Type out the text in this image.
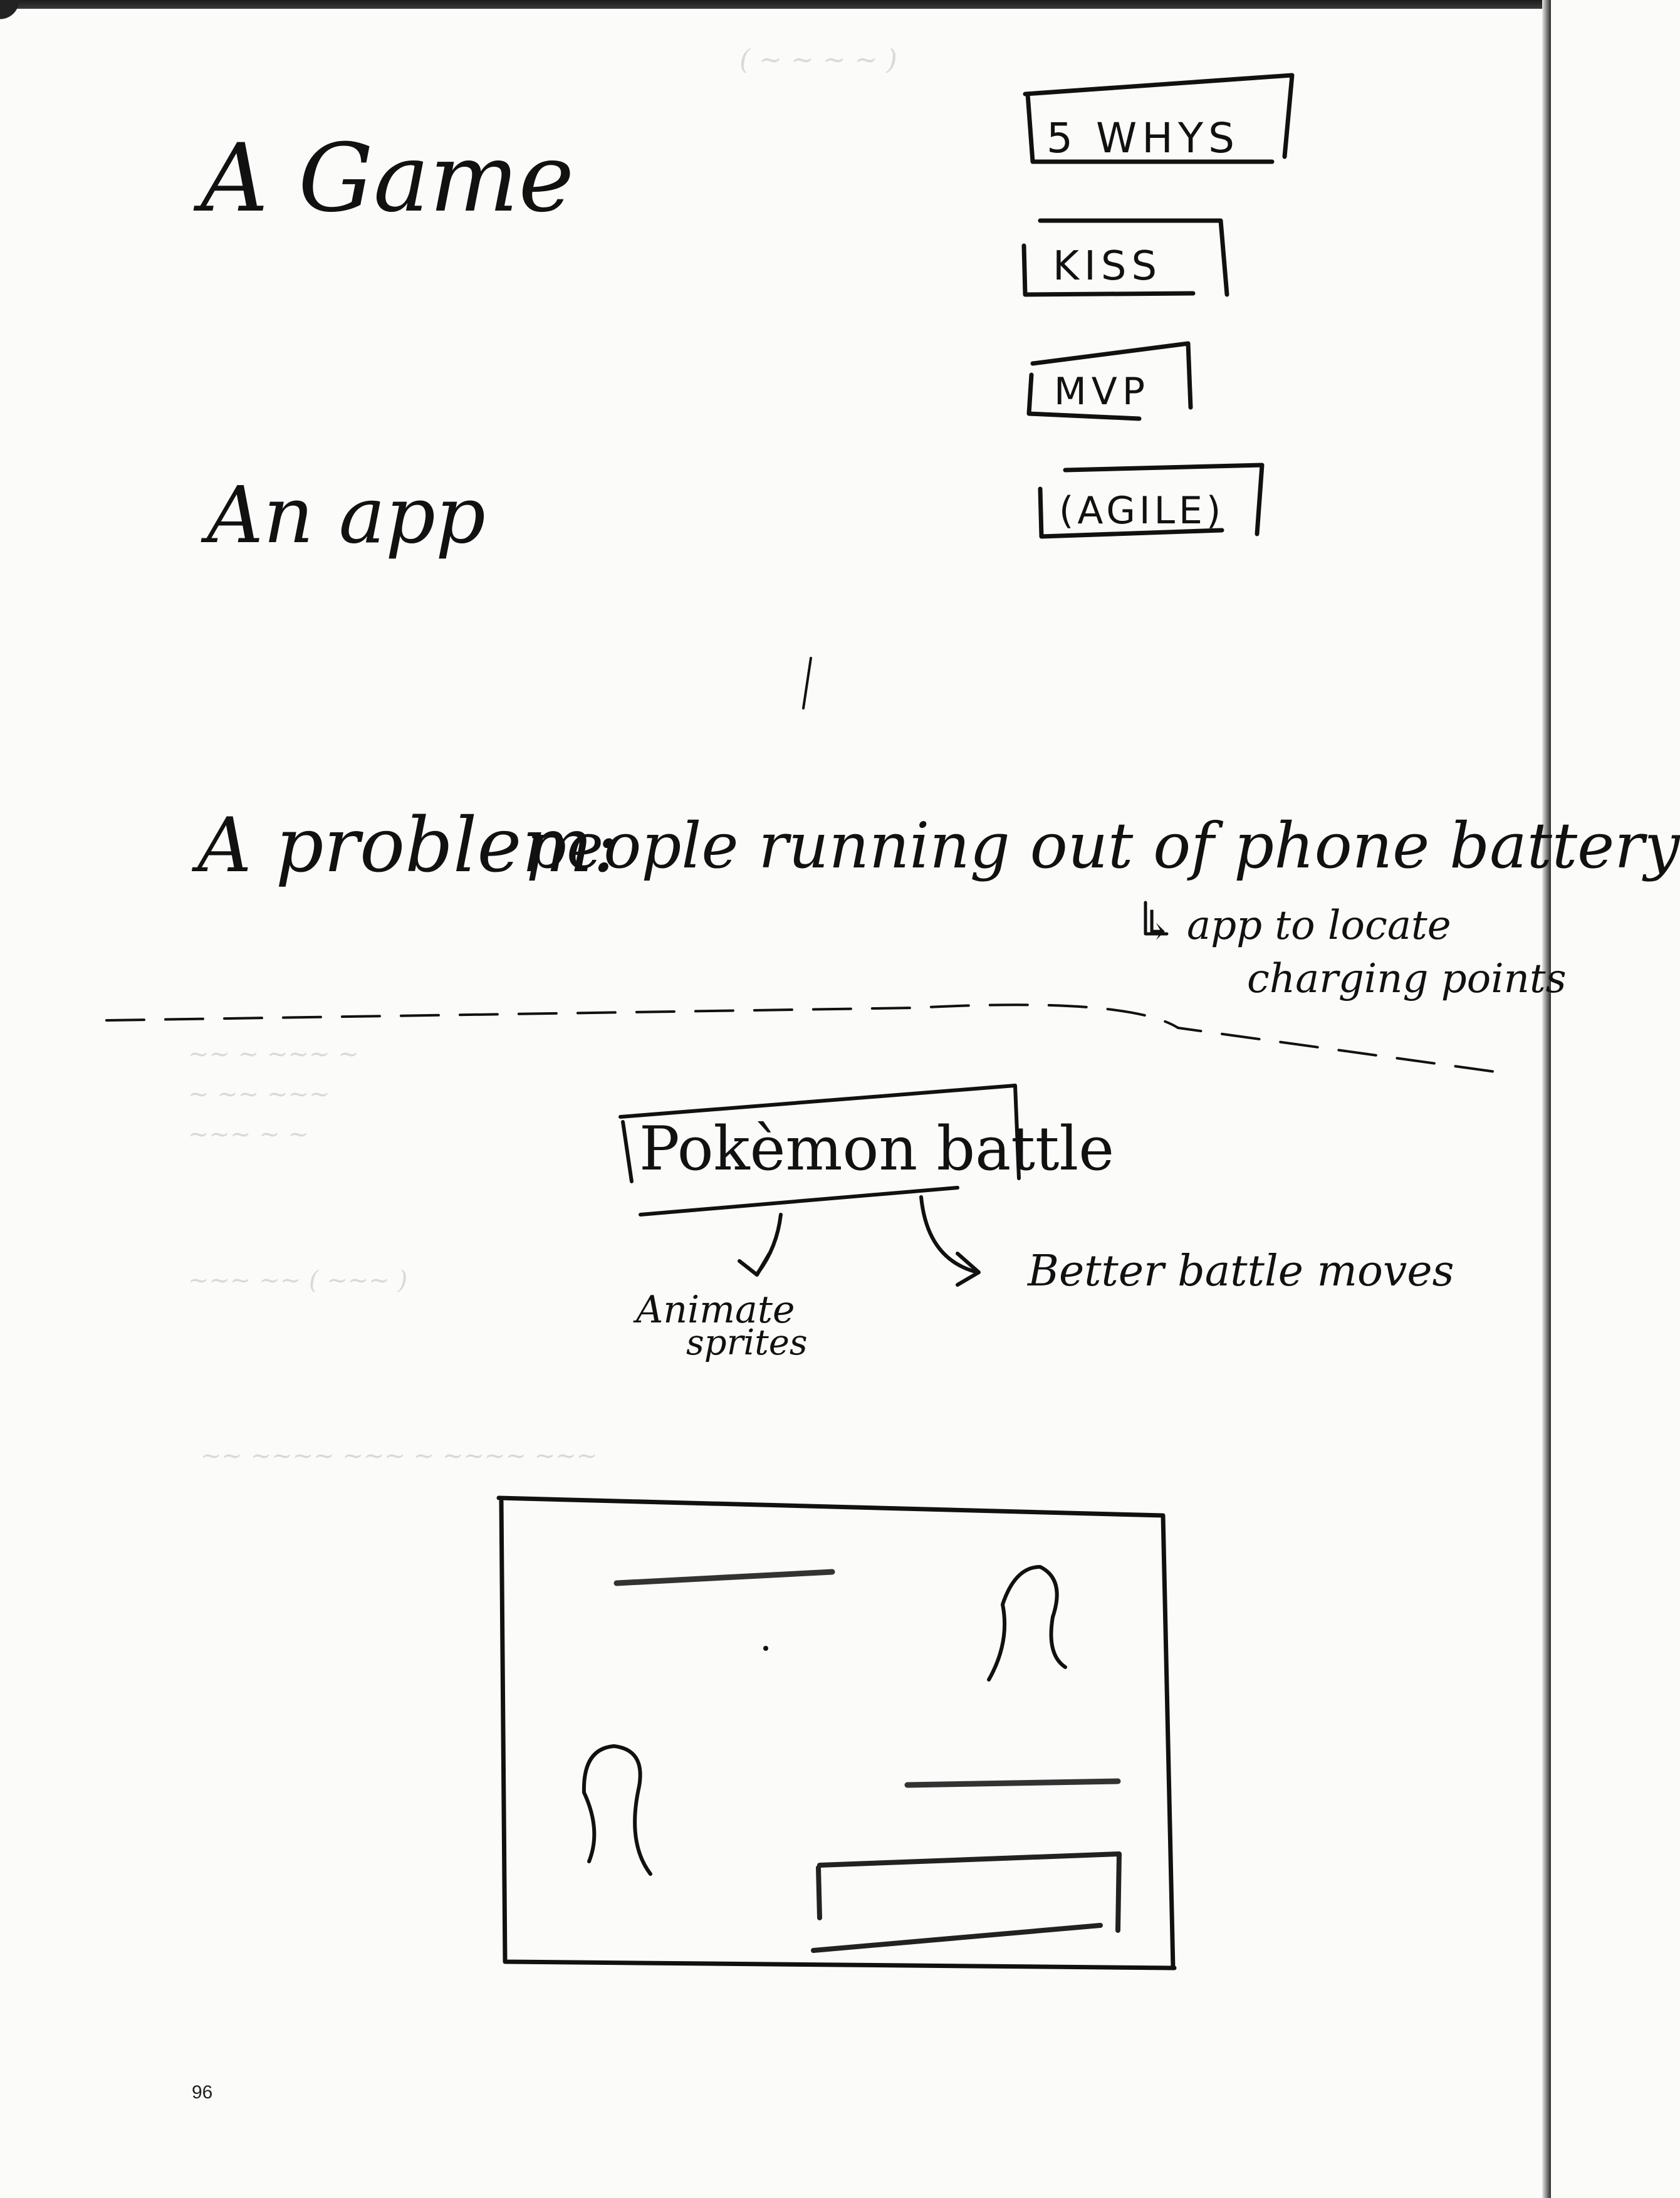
( ~ ~ ~ ~ )
~~ ~ ~~~ ~
~ ~~ ~~~
~~~ ~ ~
~~~ ~~ ( ~~~ )
~~ ~~~~ ~~~ ~ ~~~~ ~~~
A Game
An app
5 WHYS
KISS
MVP
(AGILE)
A problem:
people running out of phone battery
↳ app to locate
charging points
Pokèmon battle
Animate
sprites
Better battle moves
96
